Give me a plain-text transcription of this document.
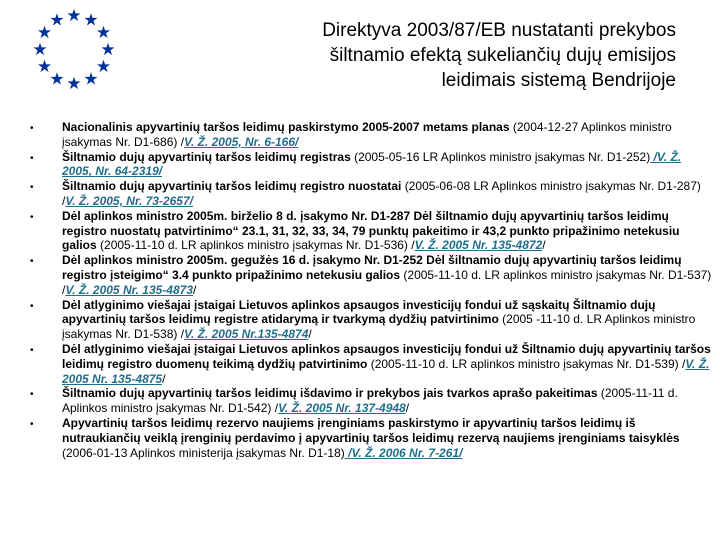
★ ★
★
★
★
★
★
★
★
★
★
★	Direktyva 2003/87/EB nustatanti prekybos
šiltnamio efektą sukeliančių dujų emisijos
leidimais sistemą Bendrijoje
• Nacionalinis apyvartinių taršos leidimų paskirstymo 2005-2007 metams planas (2004-12-27 Aplinkos ministro įsakymas Nr. D1-686) /V. Ž. 2005, Nr. 6-166/
• Šiltnamio dujų apyvartinių taršos leidimų registras (2005-05-16 LR Aplinkos ministro įsakymas Nr. D1-252) /V. Ž. 2005, Nr. 64-2319/
• Šiltnamio dujų apyvartinių taršos leidimų registro nuostatai (2005-06-08 LR Aplinkos ministro įsakymas Nr. D1-287) /V. Ž. 2005, Nr. 73-2657/
• Dėl aplinkos ministro 2005m. birželio 8 d. įsakymo Nr. D1-287 Dėl šiltnamio dujų apyvartinių taršos leidimų registro nuostatų patvirtinimo“ 23.1, 31, 32, 33, 34, 79 punktų pakeitimo ir 43,2 punkto pripažinimo netekusiu galios (2005-11-10 d. LR aplinkos ministro įsakymas Nr. D1-536) /V. Ž. 2005 Nr. 135-4872/
• Dėl aplinkos ministro 2005m. gegužės 16 d. įsakymo Nr. D1-252 Dėl šiltnamio dujų apyvartinių taršos leidimų registro įsteigimo“ 3.4 punkto pripažinimo netekusiu galios (2005-11-10 d. LR aplinkos ministro įsakymas Nr. D1-537) /V. Ž. 2005 Nr. 135-4873/
• Dėl atlyginimo viešajai įstaigai Lietuvos aplinkos apsaugos investicijų fondui už sąskaitų Šiltnamio dujų apyvartinių taršos leidimų registre atidarymą ir tvarkymą dydžių patvirtinimo (2005 -11-10 d. LR Aplinkos ministro įsakymas Nr. D1-538) /V. Ž. 2005 Nr.135-4874/
• Dėl atlyginimo viešajai įstaigai Lietuvos aplinkos apsaugos investicijų fondui už Šiltnamio dujų apyvartinių taršos leidimų registro duomenų teikimą dydžių patvirtinimo (2005-11-10 d. LR aplinkos ministro įsakymas Nr. D1-539) /V. Ž. 2005 Nr. 135-4875/
• Šiltnamio dujų apyvartinių taršos leidimų išdavimo ir prekybos jais tvarkos aprašo pakeitimas (2005-11-11 d. Aplinkos ministro įsakymas Nr. D1-542) /V. Ž. 2005 Nr. 137-4948/
• Apyvartinių taršos leidimų rezervo naujiems įrenginiams paskirstymo ir apyvartinių taršos leidimų iš nutraukiančių veiklą įrenginių perdavimo į apyvartinių taršos leidimų rezervą naujiems įrenginiams taisyklės (2006-01-13 Aplinkos ministerija įsakymas Nr. D1-18) /V. Ž. 2006 Nr. 7-261/
